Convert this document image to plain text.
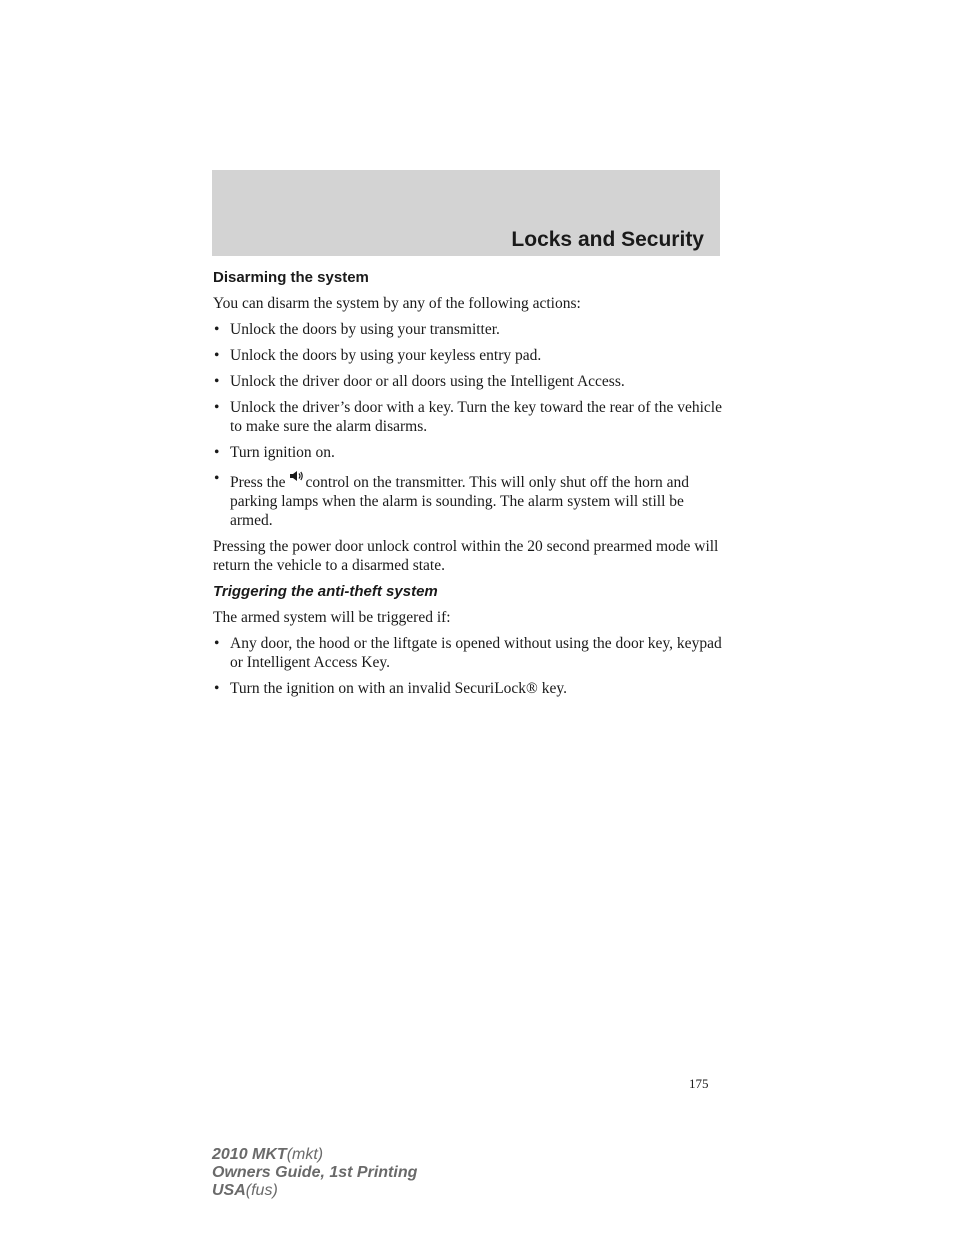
Locks and Security
Disarming the system

You can disarm the system by any of the following actions:

• Unlock the doors by using your transmitter.
• Unlock the doors by using your keyless entry pad.
• Unlock the driver door or all doors using the Intelligent Access.
• Unlock the driver’s door with a key. Turn the key toward the rear of the vehicle to make sure the alarm disarms.
• Turn ignition on.
• Press the control on the transmitter. This will only shut off the horn and parking lamps when the alarm is sounding. The alarm system will still be armed.

Pressing the power door unlock control within the 20 second prearmed mode will return the vehicle to a disarmed state.

Triggering the anti-theft system

The armed system will be triggered if:

• Any door, the hood or the liftgate is opened without using the door key, keypad or Intelligent Access Key.
• Turn the ignition on with an invalid SecuriLock® key.
175
2010 MKT(mkt)
Owners Guide, 1st Printing
USA(fus)
